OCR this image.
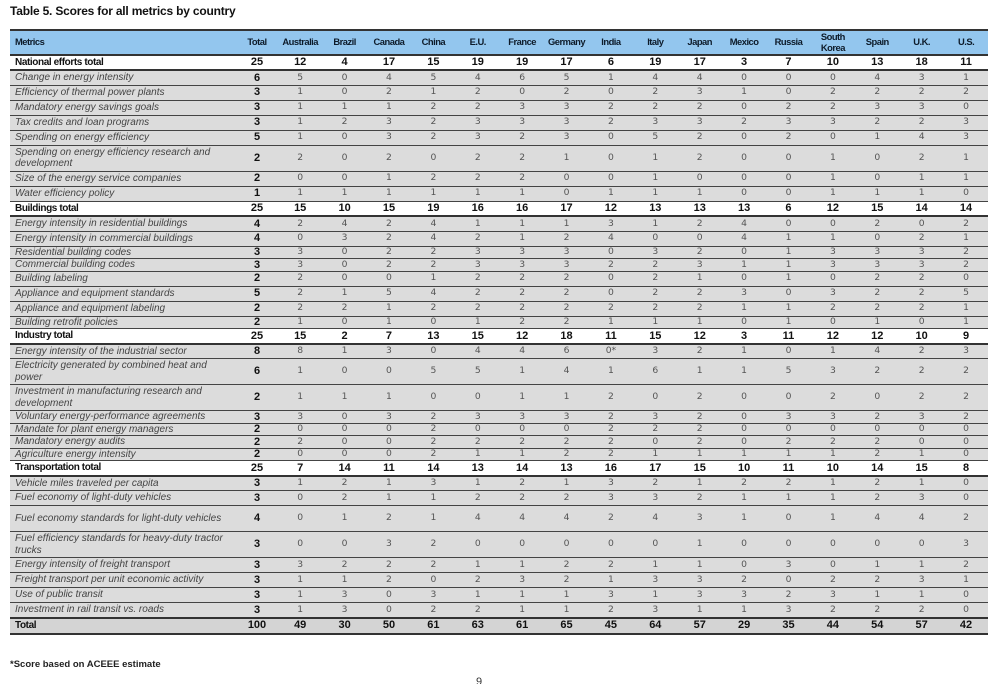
Table 5. Scores for all metrics by country
Metrics	Total	Australia	Brazil	Canada	China	E.U.	France	Germany	India	Italy	Japan	Mexico	Russia	South Korea	Spain	U.K.	U.S.
National efforts total	25	12	4	17	15	19	19	17	6	19	17	3	7	10	13	18	11
Change in energy intensity	6	5	0	4	5	4	6	5	1	4	4	0	0	0	4	3	1
Efficiency of thermal power plants	3	1	0	2	1	2	0	2	0	2	3	1	0	2	2	2	2
Mandatory energy savings goals	3	1	1	1	2	2	3	3	2	2	2	0	2	2	3	3	0
Tax credits and loan programs	3	1	2	3	2	3	3	3	2	3	3	2	3	3	2	2	3
Spending on energy efficiency	5	1	0	3	2	3	2	3	0	5	2	0	2	0	1	4	3
Spending on energy efficiency research and development	2	2	0	2	0	2	2	1	0	1	2	0	0	1	0	2	1
Size of the energy service companies	2	0	0	1	2	2	2	0	0	1	0	0	0	1	0	1	1
Water efficiency policy	1	1	1	1	1	1	1	0	1	1	1	0	0	1	1	1	0
Buildings total	25	15	10	15	19	16	16	17	12	13	13	13	6	12	15	14	14
Energy intensity in residential buildings	4	2	4	2	4	1	1	1	3	1	2	4	0	0	2	0	2
Energy intensity in commercial buildings	4	0	3	2	4	2	1	2	4	0	0	4	1	1	0	2	1
Residential building codes	3	3	0	2	2	3	3	3	0	3	2	0	1	3	3	3	2
Commercial building codes	3	3	0	2	2	3	3	3	2	2	3	1	1	3	3	3	2
Building labeling	2	2	0	0	1	2	2	2	0	2	1	0	1	0	2	2	0
Appliance and equipment standards	5	2	1	5	4	2	2	2	0	2	2	3	0	3	2	2	5
Appliance and equipment labeling	2	2	2	1	2	2	2	2	2	2	2	1	1	2	2	2	1
Building retrofit policies	2	1	0	1	0	1	2	2	1	1	1	0	1	0	1	0	1
Industry total	25	15	2	7	13	15	12	18	11	15	12	3	11	12	12	10	9
Energy intensity of the industrial sector	8	8	1	3	0	4	4	6	0*	3	2	1	0	1	4	2	3
Electricity generated by combined heat and power	6	1	0	0	5	5	1	4	1	6	1	1	5	3	2	2	2
Investment in manufacturing research and development	2	1	1	1	0	0	1	1	2	0	2	0	0	2	0	2	2
Voluntary energy-performance agreements	3	3	0	3	2	3	3	3	2	3	2	0	3	3	2	3	2
Mandate for plant energy managers	2	0	0	0	2	0	0	0	2	2	2	0	0	0	0	0	0
Mandatory energy audits	2	2	0	0	2	2	2	2	2	0	2	0	2	2	2	0	0
Agriculture energy intensity	2	0	0	0	2	1	1	2	2	1	1	1	1	1	2	1	0
Transportation total	25	7	14	11	14	13	14	13	16	17	15	10	11	10	14	15	8
Vehicle miles traveled per capita	3	1	2	1	3	1	2	1	3	2	1	2	2	1	2	1	0
Fuel economy of light-duty vehicles	3	0	2	1	1	2	2	2	3	3	2	1	1	1	2	3	0
Fuel economy standards for light-duty vehicles	4	0	1	2	1	4	4	4	2	4	3	1	0	1	4	4	2
Fuel efficiency standards for heavy-duty tractor trucks	3	0	0	3	2	0	0	0	0	0	1	0	0	0	0	0	3
Energy intensity of freight transport	3	3	2	2	2	1	1	2	2	1	1	0	3	0	1	1	2
Freight transport per unit economic activity	3	1	1	2	0	2	3	2	1	3	3	2	0	2	2	3	1
Use of public transit	3	1	3	0	3	1	1	1	3	1	3	3	2	3	1	1	0
Investment in rail transit vs. roads	3	1	3	0	2	2	1	1	2	3	1	1	3	2	2	2	0
Total	100	49	30	50	61	63	61	65	45	64	57	29	35	44	54	57	42
*Score based on ACEEE estimate
9
